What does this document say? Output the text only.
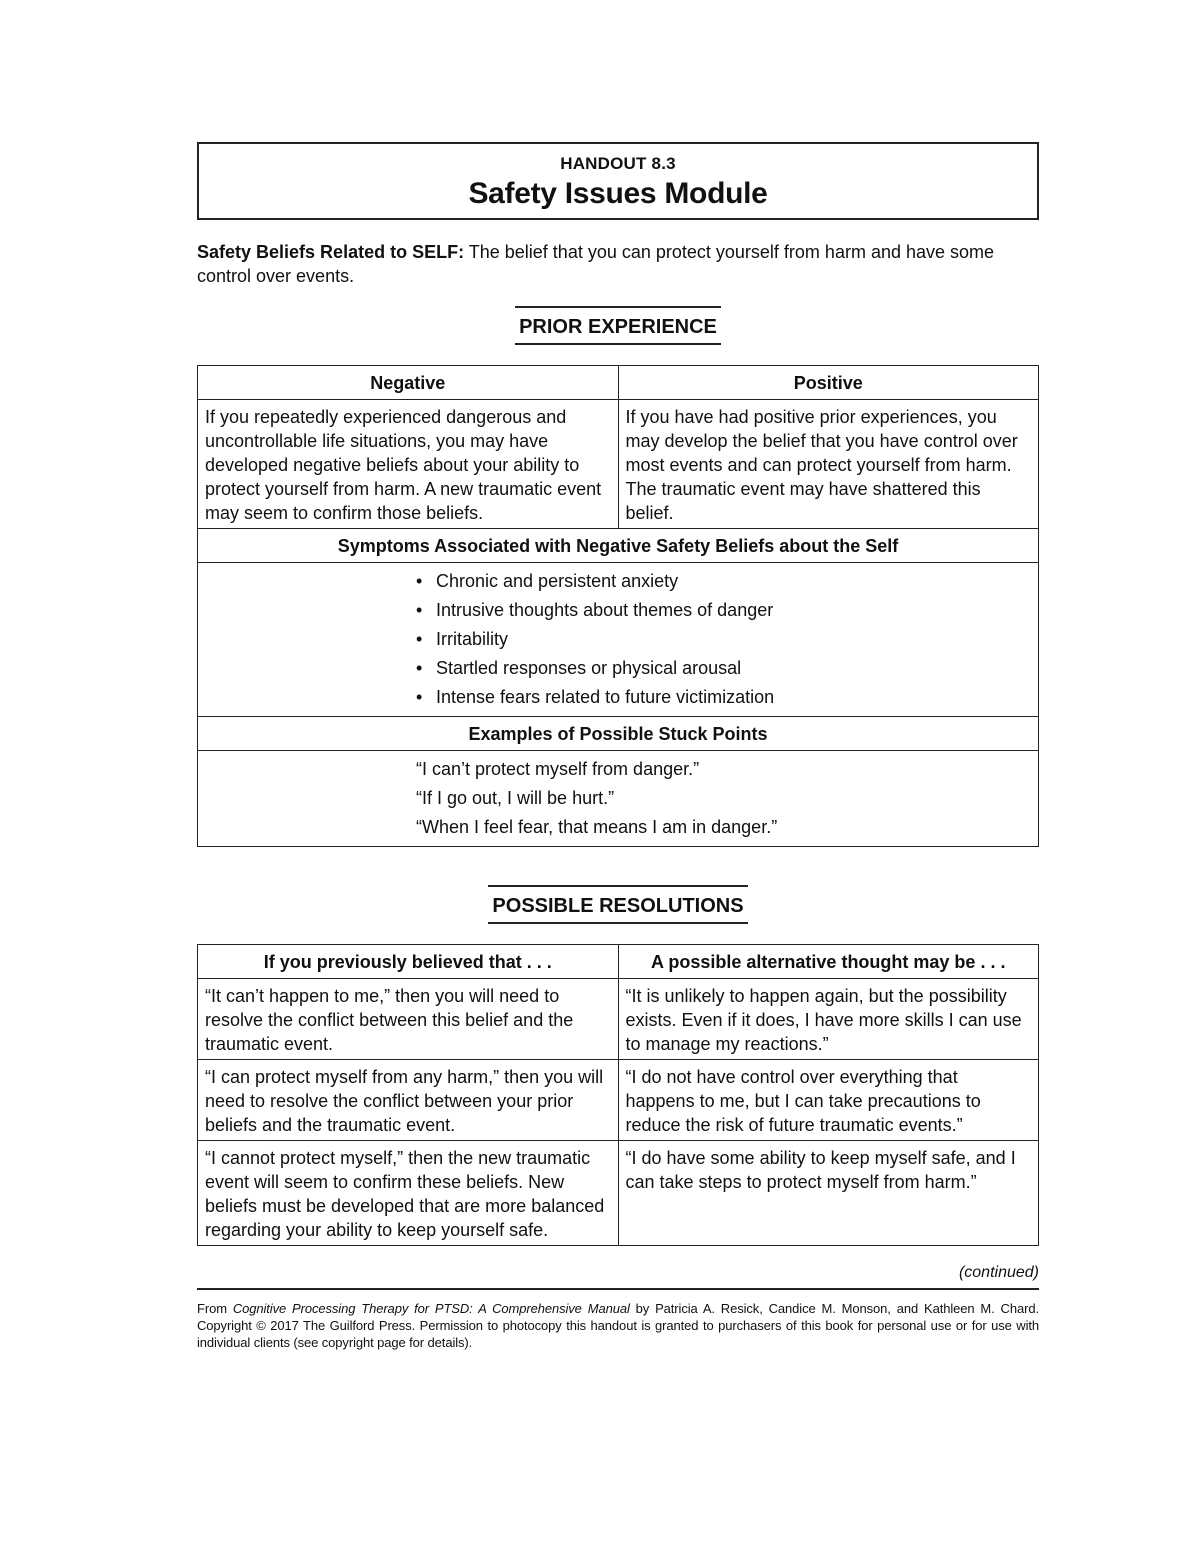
HANDOUT 8.3
Safety Issues Module
Safety Beliefs Related to SELF: The belief that you can protect yourself from harm and have some control over events.
PRIOR EXPERIENCE
Negative	Positive
If you repeatedly experienced dangerous and uncontrollable life situations, you may have developed negative beliefs about your ability to protect yourself from harm. A new traumatic event may seem to confirm those beliefs.	If you have had positive prior experiences, you may develop the belief that you have control over most events and can protect yourself from harm. The traumatic event may have shattered this belief.
Symptoms Associated with Negative Safety Beliefs about the Self	

• Chronic and persistent anxiety
• Intrusive thoughts about themes of danger
• Irritability
• Startled responses or physical arousal
• Intense fears related to future victimization	

Examples of Possible Stuck Points	

“I can’t protect myself from danger.”
“If I go out, I will be hurt.”
“When I feel fear, that means I am in danger.”	
POSSIBLE RESOLUTIONS
If you previously believed that . . .	A possible alternative thought may be . . .
“It can’t happen to me,” then you will need to resolve the conflict between this belief and the traumatic event.	“It is unlikely to happen again, but the possibility exists. Even if it does, I have more skills I can use to manage my reactions.”
“I can protect myself from any harm,” then you will need to resolve the conflict between your prior beliefs and the traumatic event.	“I do not have control over everything that happens to me, but I can take precautions to reduce the risk of future traumatic events.”
“I cannot protect myself,” then the new traumatic event will seem to confirm these beliefs. New beliefs must be developed that are more balanced regarding your ability to keep yourself safe.	“I do have some ability to keep myself safe, and I can take steps to protect myself from harm.”
(continued)
From Cognitive Processing Therapy for PTSD: A Comprehensive Manual by Patricia A. Resick, Candice M. Monson, and Kathleen M. Chard. Copyright © 2017 The Guilford Press. Permission to photocopy this handout is granted to purchasers of this book for personal use or for use with individual clients (see copyright page for details).
